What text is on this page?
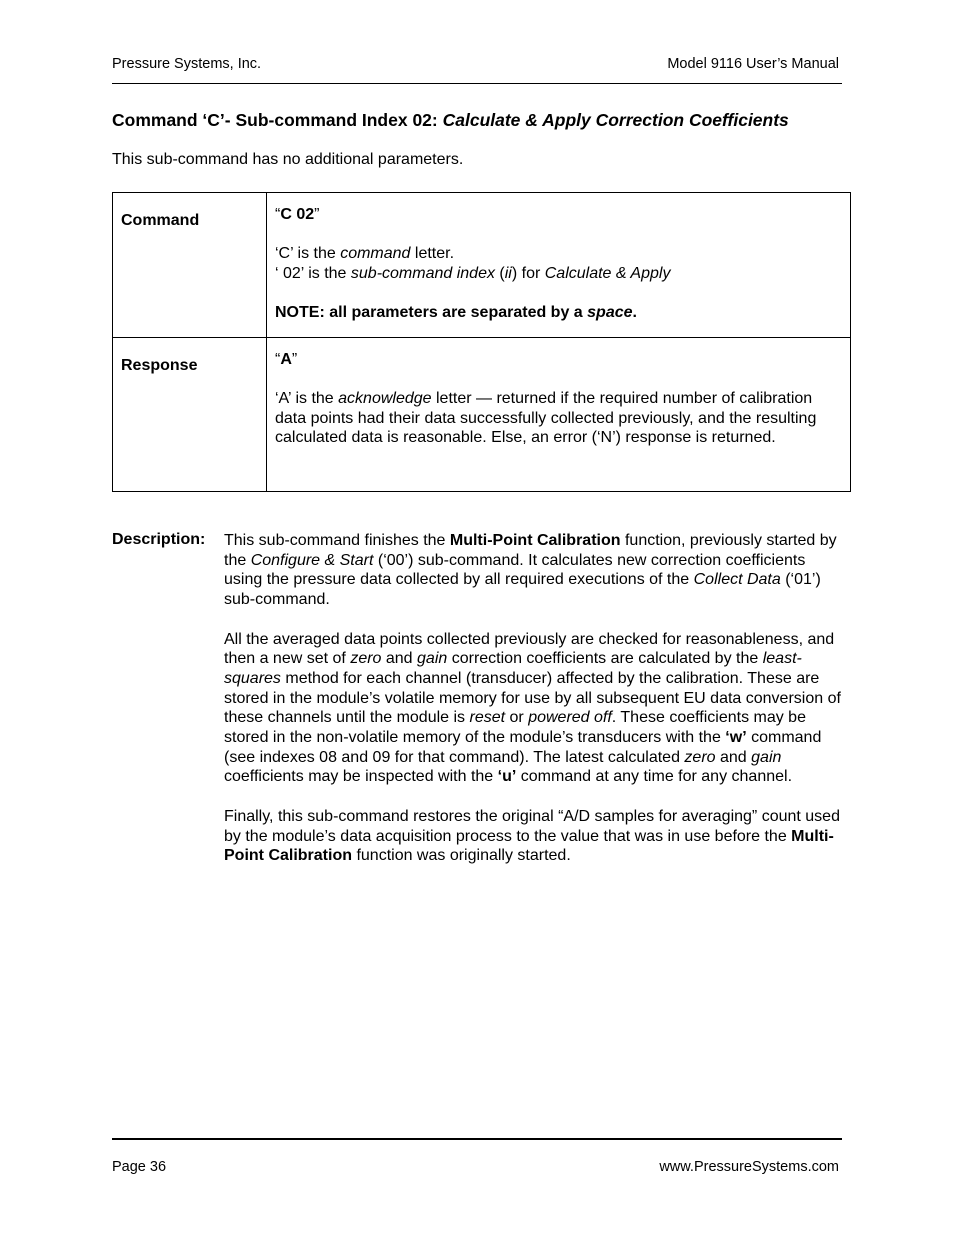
Pressure Systems, Inc.	Model 9116 User’s Manual
Command ‘C’- Sub-command Index 02: Calculate & Apply Correction Coefficients
This sub-command has no additional parameters.
Command	“C 02”

‘C’ is the command letter.

‘ 02’ is the sub-command index (ii) for Calculate & Apply

NOTE: all parameters are separated by a space.

Response	“A”

‘A’ is the acknowledge letter — returned if the required number of calibration data points had their data successfully collected previously, and the resulting calculated data is reasonable. Else, an error (‘N’) response is returned.

Description: This sub-command finishes the Multi-Point Calibration function, previously started by the Configure & Start (‘00’) sub-command. It calculates new correction coefficients using the pressure data collected by all required executions of the Collect Data (‘01’) sub-command.

All the averaged data points collected previously are checked for reasonableness, and then a new set of zero and gain correction coefficients are calculated by the least-squares method for each channel (transducer) affected by the calibration. These are stored in the module’s volatile memory for use by all subsequent EU data conversion of these channels until the module is reset or powered off. These coefficients may be stored in the non-volatile memory of the module’s transducers with the ‘w’ command (see indexes 08 and 09 for that command). The latest calculated zero and gain coefficients may be inspected with the ‘u’ command at any time for any channel.

Finally, this sub-command restores the original “A/D samples for averaging” count used by the module’s data acquisition process to the value that was in use before the Multi-Point Calibration function was originally started.

Page 36	www.PressureSystems.com
